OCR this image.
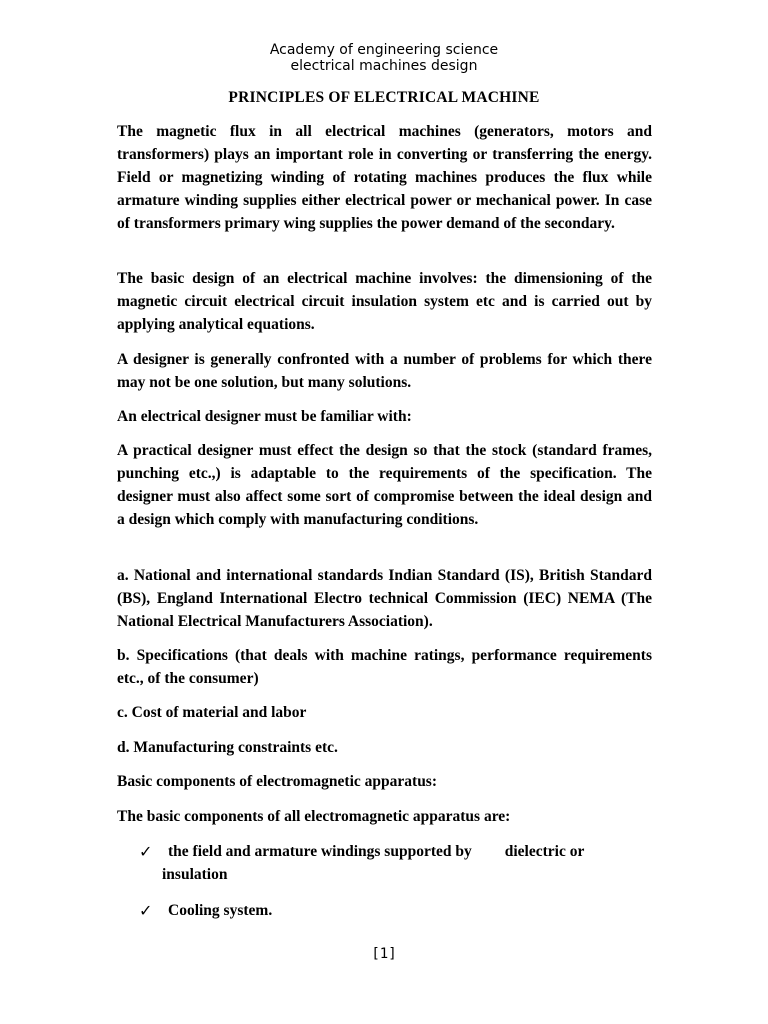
Academy of engineering science
electrical machines design
PRINCIPLES OF ELECTRICAL MACHINE

The magnetic flux in all electrical machines (generators, motors and transformers) plays an important role in converting or transferring the energy. Field or magnetizing winding of rotating machines produces the flux while armature winding supplies either electrical power or mechanical power. In case of transformers primary wing supplies the power demand of the secondary.

The basic design of an electrical machine involves: the dimensioning of the magnetic circuit electrical circuit insulation system etc and is carried out by applying analytical equations.

A designer is generally confronted with a number of problems for which there may not be one solution, but many solutions.

An electrical designer must be familiar with:

A practical designer must effect the design so that the stock (standard frames, punching etc.,) is adaptable to the requirements of the specification. The designer must also affect some sort of compromise between the ideal design and a design which comply with manufacturing conditions.

a. National and international standards Indian Standard (IS), British Standard (BS), England International Electro technical Commission (IEC) NEMA (The National Electrical Manufacturers Association).

b. Specifications (that deals with machine ratings, performance requirements etc., of the consumer)

c. Cost of material and labor

d. Manufacturing constraints etc.

Basic components of electromagnetic apparatus:

The basic components of all electromagnetic apparatus are:

✓ the field and armature windings supported by dielectric or
insulation
✓ Cooling system.
[1]
